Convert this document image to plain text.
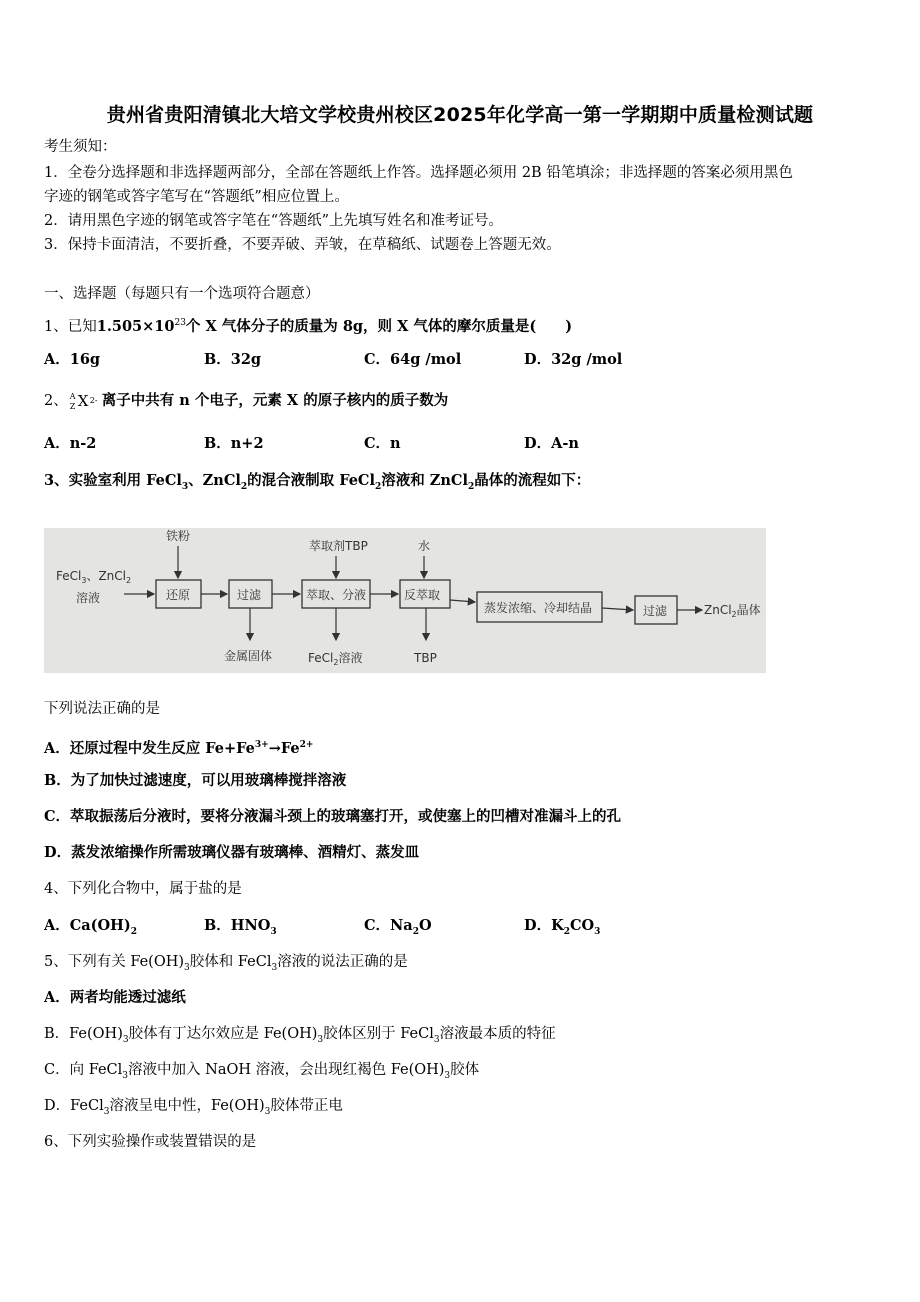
贵州省贵阳清镇北大培文学校贵州校区2025年化学高一第一学期期中质量检测试题
考生须知：
1．全卷分选择题和非选择题两部分，全部在答题纸上作答。选择题必须用 2B 铅笔填涂；非选择题的答案必须用黑色
字迹的钢笔或答字笔写在“答题纸”相应位置上。
2．请用黑色字迹的钢笔或答字笔在“答题纸”上先填写姓名和准考证号。
3．保持卡面清洁，不要折叠，不要弄破、弄皱，在草稿纸、试题卷上答题无效。
一、选择题（每题只有一个选项符合题意）
1、已知$1.505\times 10^{23}$个 X 气体分子的质量为 8g，则 X 气体的摩尔质量是(　　)
A．16g	B．32g	C．64g /mol	D．32g /mol
2、 A
Z X 2- 离子中共有 n 个电子，元素 X 的原子核内的质子数为
A．n-2	B．n+2	C．n	D．A-n
3、实验室利用 FeCl$_3$、ZnCl$_2$的混合液制取 FeCl$_2$溶液和 ZnCl$_2$晶体的流程如下：
铁粉
萃取剂TBP	水
FeCl$_3$、ZnCl$_2$
溶液	还原	过滤	萃取、分液	反萃取
蒸发浓缩、冷却结晶	过滤
金属固体	FeCl$_2$溶液	TBP
ZnCl$_2$晶体
下列说法正确的是
A．还原过程中发生反应 $Fe+Fe^{3+}\to Fe^{2+}$
B．为了加快过滤速度，可以用玻璃棒搅拌溶液
C．萃取振荡后分液时，要将分液漏斗颈上的玻璃塞打开，或使塞上的凹槽对准漏斗上的孔
D．蒸发浓缩操作所需玻璃仪器有玻璃棒、酒精灯、蒸发皿
4、下列化合物中，属于盐的是
A．$Ca(OH)_2$	B．$HNO_3$	C．$Na_2O$	D．$K_2CO_3$
5、下列有关 $Fe(OH)_3$胶体和 FeCl$_3$溶液的说法正确的是
A．两者均能透过滤纸
B．$Fe(OH)_3$胶体有丁达尔效应是 $Fe(OH)_3$胶体区别于 FeCl$_3$溶液最本质的特征
C．向 FeCl$_3$溶液中加入 NaOH 溶液，会出现红褐色 $Fe(OH)_3$胶体
D．FeCl$_3$溶液呈电中性，$Fe(OH)_3$胶体带正电
6、下列实验操作或装置错误的是
